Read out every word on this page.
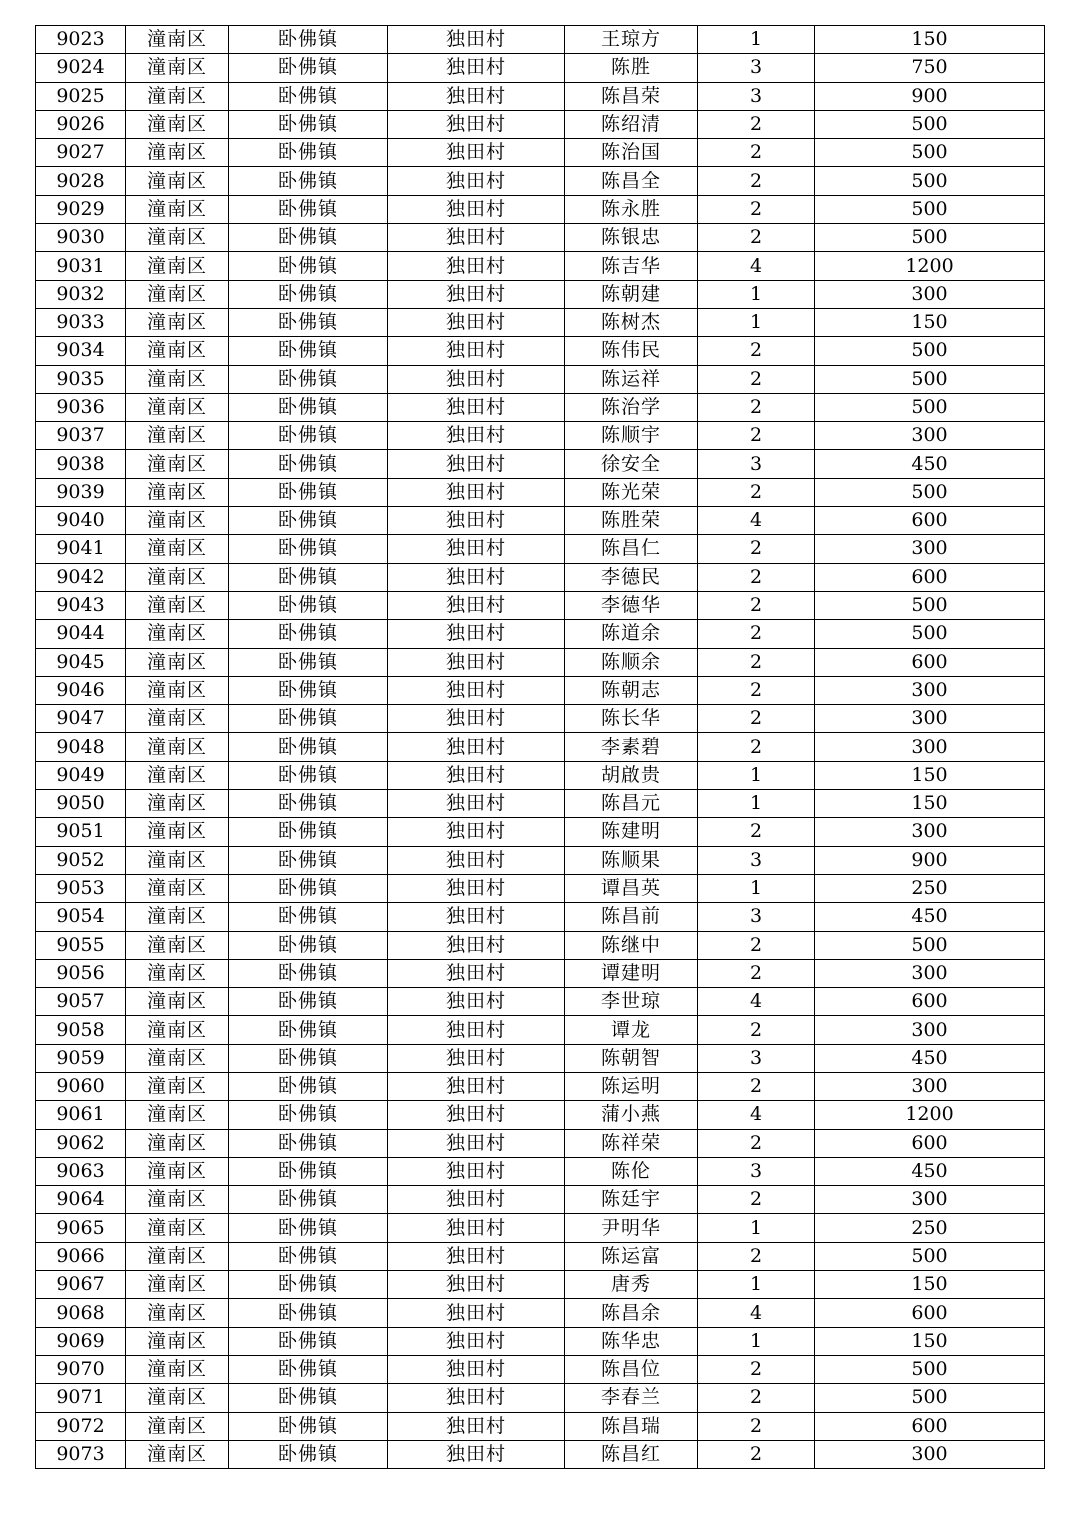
9023	潼南区	卧佛镇	独田村	王琼方	1	150
9024	潼南区	卧佛镇	独田村	陈胜	3	750
9025	潼南区	卧佛镇	独田村	陈昌荣	3	900
9026	潼南区	卧佛镇	独田村	陈绍清	2	500
9027	潼南区	卧佛镇	独田村	陈治国	2	500
9028	潼南区	卧佛镇	独田村	陈昌全	2	500
9029	潼南区	卧佛镇	独田村	陈永胜	2	500
9030	潼南区	卧佛镇	独田村	陈银忠	2	500
9031	潼南区	卧佛镇	独田村	陈吉华	4	1200
9032	潼南区	卧佛镇	独田村	陈朝建	1	300
9033	潼南区	卧佛镇	独田村	陈树杰	1	150
9034	潼南区	卧佛镇	独田村	陈伟民	2	500
9035	潼南区	卧佛镇	独田村	陈运祥	2	500
9036	潼南区	卧佛镇	独田村	陈治学	2	500
9037	潼南区	卧佛镇	独田村	陈顺宇	2	300
9038	潼南区	卧佛镇	独田村	徐安全	3	450
9039	潼南区	卧佛镇	独田村	陈光荣	2	500
9040	潼南区	卧佛镇	独田村	陈胜荣	4	600
9041	潼南区	卧佛镇	独田村	陈昌仁	2	300
9042	潼南区	卧佛镇	独田村	李德民	2	600
9043	潼南区	卧佛镇	独田村	李德华	2	500
9044	潼南区	卧佛镇	独田村	陈道余	2	500
9045	潼南区	卧佛镇	独田村	陈顺余	2	600
9046	潼南区	卧佛镇	独田村	陈朝志	2	300
9047	潼南区	卧佛镇	独田村	陈长华	2	300
9048	潼南区	卧佛镇	独田村	李素碧	2	300
9049	潼南区	卧佛镇	独田村	胡啟贵	1	150
9050	潼南区	卧佛镇	独田村	陈昌元	1	150
9051	潼南区	卧佛镇	独田村	陈建明	2	300
9052	潼南区	卧佛镇	独田村	陈顺果	3	900
9053	潼南区	卧佛镇	独田村	谭昌英	1	250
9054	潼南区	卧佛镇	独田村	陈昌前	3	450
9055	潼南区	卧佛镇	独田村	陈继中	2	500
9056	潼南区	卧佛镇	独田村	谭建明	2	300
9057	潼南区	卧佛镇	独田村	李世琼	4	600
9058	潼南区	卧佛镇	独田村	谭龙	2	300
9059	潼南区	卧佛镇	独田村	陈朝智	3	450
9060	潼南区	卧佛镇	独田村	陈运明	2	300
9061	潼南区	卧佛镇	独田村	蒲小燕	4	1200
9062	潼南区	卧佛镇	独田村	陈祥荣	2	600
9063	潼南区	卧佛镇	独田村	陈伦	3	450
9064	潼南区	卧佛镇	独田村	陈廷宇	2	300
9065	潼南区	卧佛镇	独田村	尹明华	1	250
9066	潼南区	卧佛镇	独田村	陈运富	2	500
9067	潼南区	卧佛镇	独田村	唐秀	1	150
9068	潼南区	卧佛镇	独田村	陈昌余	4	600
9069	潼南区	卧佛镇	独田村	陈华忠	1	150
9070	潼南区	卧佛镇	独田村	陈昌位	2	500
9071	潼南区	卧佛镇	独田村	李春兰	2	500
9072	潼南区	卧佛镇	独田村	陈昌瑞	2	600
9073	潼南区	卧佛镇	独田村	陈昌红	2	300
